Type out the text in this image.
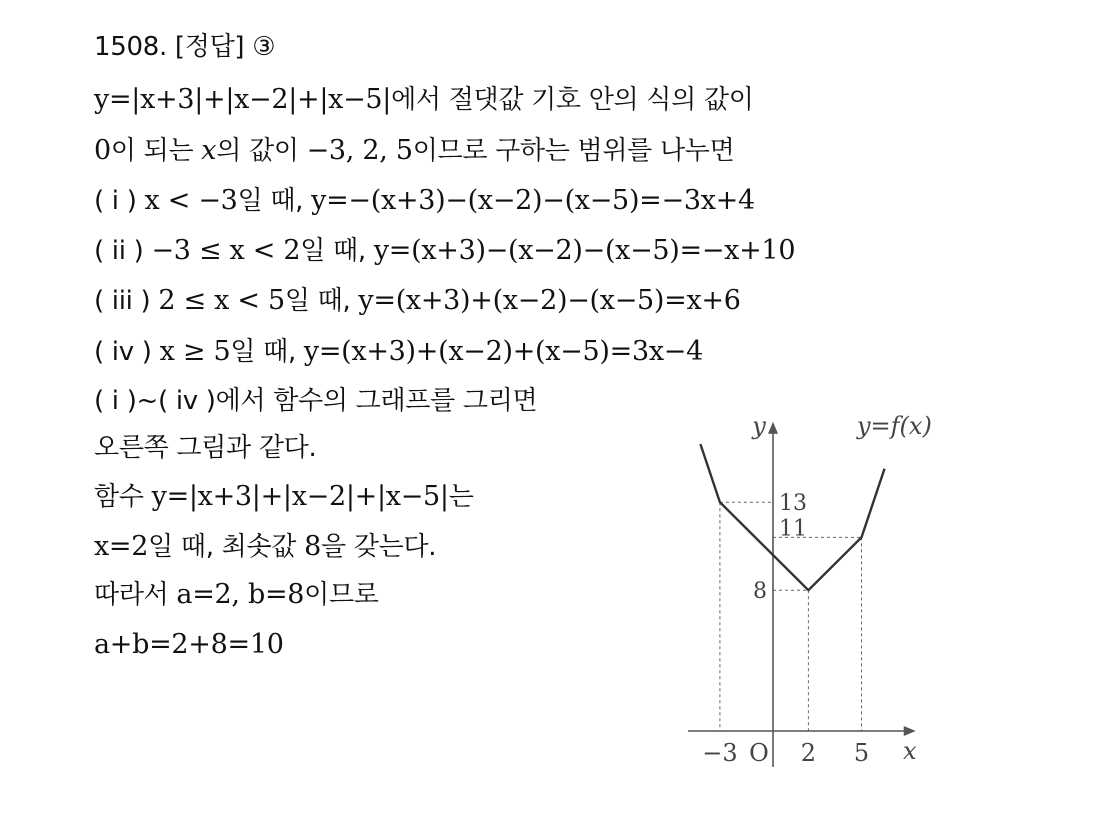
1508. [정답] ③
y=|x+3|+|x−2|+|x−5|에서 절댓값 기호 안의 식의 값이
0이 되는 x의 값이 −3, 2, 5이므로 구하는 범위를 나누면
( i ) x < −3일 때, y=−(x+3)−(x−2)−(x−5)=−3x+4
( ii ) −3 ≤ x < 2일 때, y=(x+3)−(x−2)−(x−5)=−x+10
( iii ) 2 ≤ x < 5일 때, y=(x+3)+(x−2)−(x−5)=x+6
( iv ) x ≥ 5일 때, y=(x+3)+(x−2)+(x−5)=3x−4
( i )~( iv )에서 함수의 그래프를 그리면
오른쪽 그림과 같다.
함수 y=|x+3|+|x−2|+|x−5|는
x=2일 때, 최솟값 8을 갖는다.
따라서 a=2, b=8이므로
a+b=2+8=10
x
y
O
−3	2 5
13
11
8
y=f(x)
